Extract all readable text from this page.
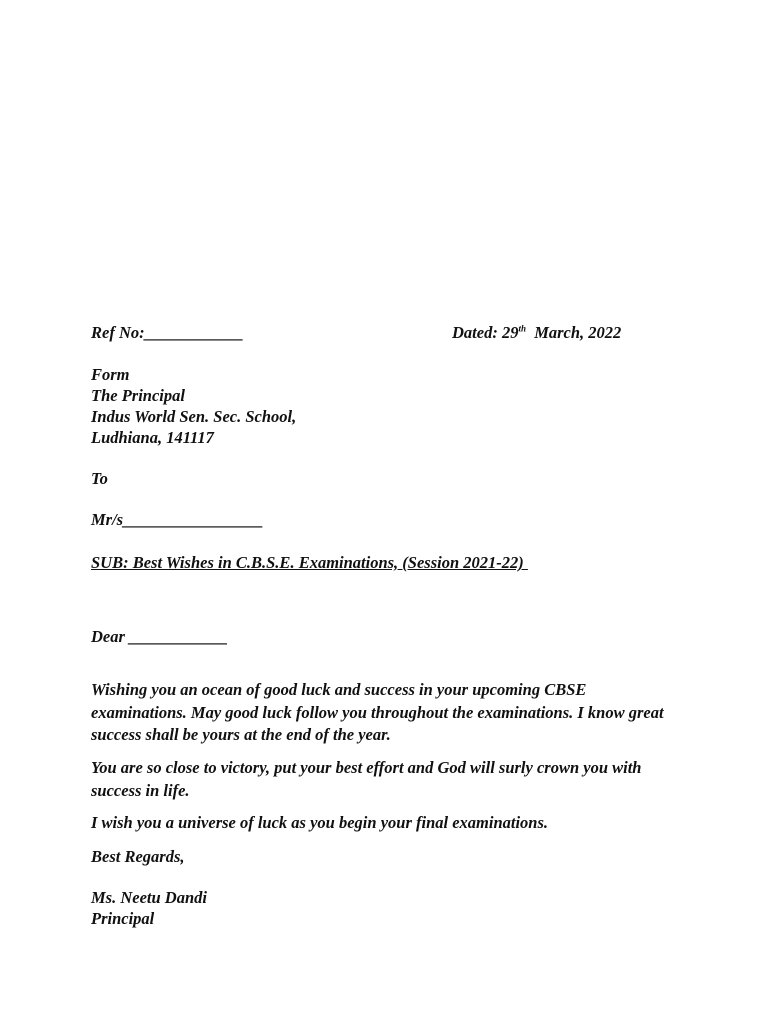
Ref No:____________	Dated: 29th  March, 2022
Form
The Principal
Indus World Sen. Sec. School,
Ludhiana, 141117
To
Mr/s_________________
SUB: Best Wishes in C.B.S.E. Examinations, (Session 2021-22)
Dear ____________
Wishing you an ocean of good luck and success in your upcoming CBSE examinations. May good luck follow you throughout the examinations. I know great success shall be yours at the end of the year.
You are so close to victory, put your best effort and God will surly crown you with success in life.
I wish you a universe of luck as you begin your final examinations.
Best Regards,
Ms. Neetu Dandi
Principal
